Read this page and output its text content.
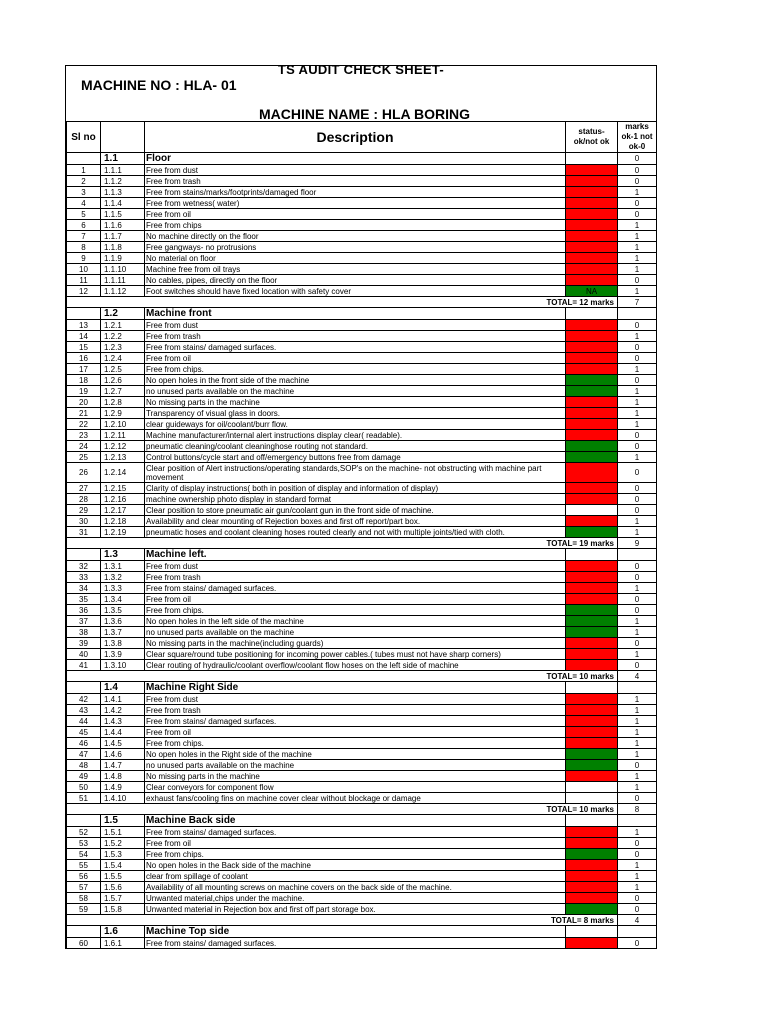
TS AUDIT CHECK SHEET-
MACHINE NO : HLA- 01
MACHINE NAME : HLA BORING
Sl no		Description	status- ok/not ok	marks ok-1 not ok-0
	1.1	Floor		0
1	1.1.1	Free from dust		0
2	1.1.2	Free from trash		0
3	1.1.3	Free from stains/marks/footprints/damaged floor		1
4	1.1.4	Free from wetness( water)		0
5	1.1.5	Free from oil		0
6	1.1.6	Free from chips		1
7	1.1.7	No machine directly on the floor		1
8	1.1.8	Free gangways- no protrusions		1
9	1.1.9	No material on floor		1
10	1.1.10	Machine free from oil trays		1
11	1.1.11	No cables, pipes, directly on the floor		0
12	1.1.12	Foot switches should have fixed location with safety cover	NA	1
TOTAL= 12 marks				7
	1.2	Machine front		
13	1.2.1	Free from dust		0
14	1.2.2	Free from trash		1
15	1.2.3	Free from stains/ damaged surfaces.		0
16	1.2.4	Free from oil		0
17	1.2.5	Free from chips.		1
18	1.2.6	No open holes in the front side of the machine		0
19	1.2.7	no unused parts available on the machine		1
20	1.2.8	No missing parts in the machine		1
21	1.2.9	Transparency of visual glass in doors.		1
22	1.2.10	clear guideways for oil/coolant/burr flow.		1
23	1.2.11	Machine manufacturer/internal alert instructions display clear( readable).		0
24	1.2.12	pneumatic cleaning/coolant cleaninghose routing not standard.		0
25	1.2.13	Control buttons/cycle start and off/emergency buttons free from damage		1
26	1.2.14	Clear position of Alert instructions/operating standards,SOP's on the machine- not obstructing with machine part movement		0
27	1.2.15	Clarity of display instructions( both in position of display and information of display)		0
28	1.2.16	machine ownership photo display in standard format		0
29	1.2.17	Clear position to store pneumatic air gun/coolant gun in the front side of machine.		0
30	1.2.18	Availability and clear mounting of Rejection boxes and first off report/part box.		1
31	1.2.19	pneumatic hoses and coolant cleaning hoses routed clearly and not with multiple joints/tied with cloth.		1
TOTAL= 19 marks				9
	1.3	Machine left.		
32	1.3.1	Free from dust		0
33	1.3.2	Free from trash		0
34	1.3.3	Free from stains/ damaged surfaces.		1
35	1.3.4	Free from oil		0
36	1.3.5	Free from chips.		0
37	1.3.6	No open holes in the left side of the machine		1
38	1.3.7	no unused parts available on the machine		1
39	1.3.8	No missing parts in the machine(including guards)		0
40	1.3.9	Clear square/round tube positioning for incoming power cables.( tubes must not have sharp corners)		1
41	1.3.10	Clear routing of hydraulic/coolant overflow/coolant flow hoses on the left side of machine		0
TOTAL= 10 marks				4
	1.4	Machine Right Side		
42	1.4.1	Free from dust		1
43	1.4.2	Free from trash		1
44	1.4.3	Free from stains/ damaged surfaces.		1
45	1.4.4	Free from oil		1
46	1.4.5	Free from chips.		1
47	1.4.6	No open holes in the Right side of the machine		1
48	1.4.7	no unused parts available on the machine		0
49	1.4.8	No missing parts in the machine		1
50	1.4.9	Clear conveyors for component flow		1
51	1.4.10	exhaust fans/cooling fins on machine cover clear without blockage or damage		0
TOTAL= 10 marks				8
	1.5	Machine Back side		
52	1.5.1	Free from stains/ damaged surfaces.		1
53	1.5.2	Free from oil		0
54	1.5.3	Free from chips.		0
55	1.5.4	No open holes in the Back side of the machine		1
56	1.5.5	clear from spillage of coolant		1
57	1.5.6	Availability of all mounting screws on machine covers on the back side of the machine.		1
58	1.5.7	Unwanted material,chips under the machine.		0
59	1.5.8	Unwanted material in Rejection box and first off part storage box.		0
TOTAL= 8 marks				4
	1.6	Machine Top side		
60	1.6.1	Free from stains/ damaged surfaces.		0
